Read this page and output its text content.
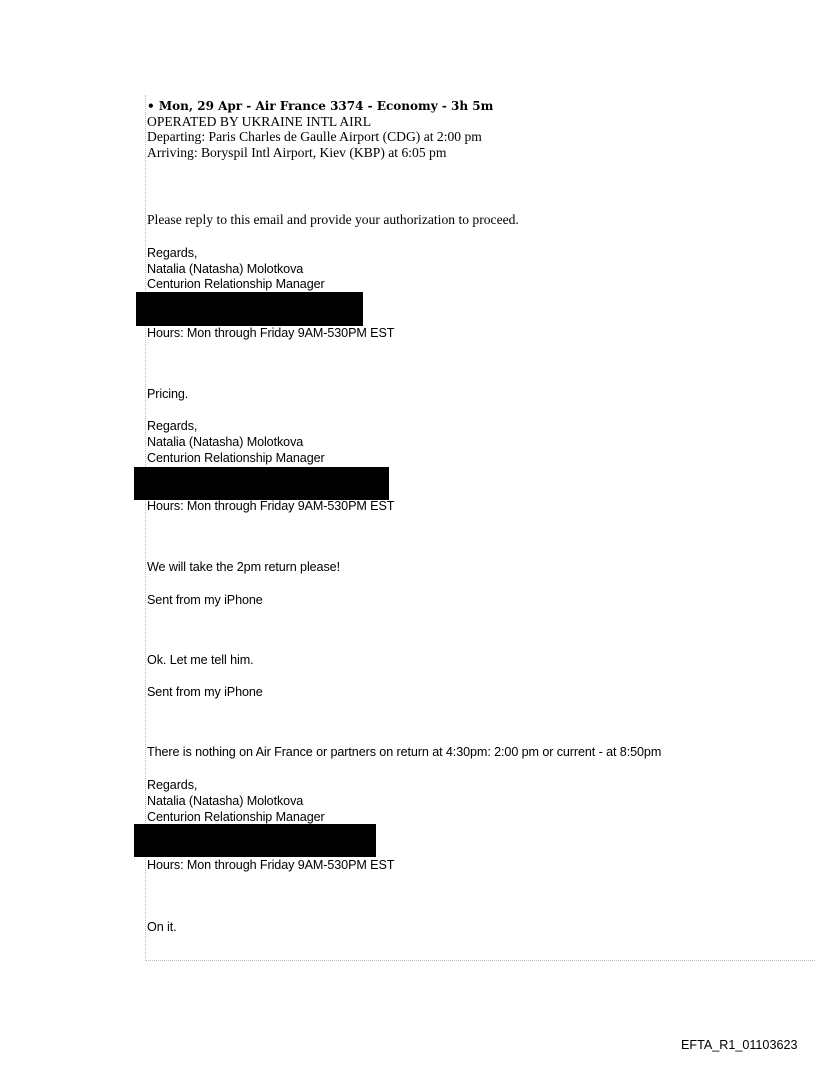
• Mon, 29 Apr - Air France 3374 - Economy - 3h 5m
OPERATED BY UKRAINE INTL AIRL
Departing: Paris Charles de Gaulle Airport (CDG) at 2:00 pm
Arriving: Boryspil Intl Airport, Kiev (KBP) at 6:05 pm
Please reply to this email and provide your authorization to proceed.
Regards,
Natalia (Natasha) Molotkova
Centurion Relationship Manager
Hours: Mon through Friday 9AM-530PM EST
Pricing.
Regards,
Natalia (Natasha) Molotkova
Centurion Relationship Manager
Hours: Mon through Friday 9AM-530PM EST
We will take the 2pm return please!
Sent from my iPhone
Ok. Let me tell him.
Sent from my iPhone
There is nothing on Air France or partners on return at 4:30pm: 2:00 pm or current - at 8:50pm
Regards,
Natalia (Natasha) Molotkova
Centurion Relationship Manager
Hours: Mon through Friday 9AM-530PM EST
On it.
EFTA_R1_01103623
